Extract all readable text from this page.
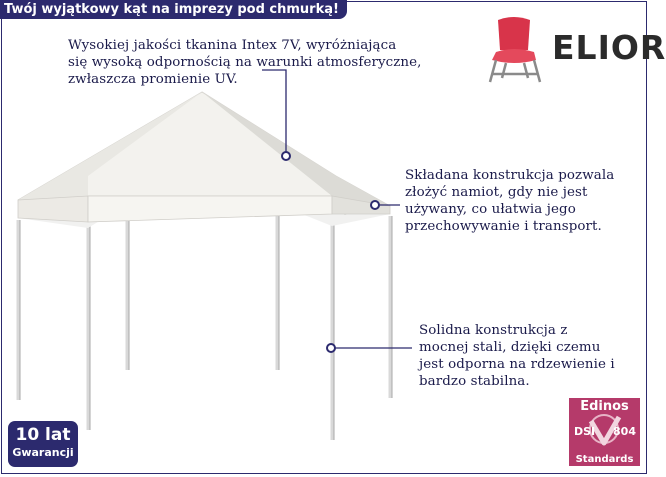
Twój wyjątkowy kąt na imprezy pod chmurką!
Wysokiej jakości tkanina Intex 7V, wyróżniająca
się wysoką odpornością na warunki atmosferyczne,
zwłaszcza promienie UV.
Składana konstrukcja pozwala
złożyć namiot, gdy nie jest
używany, co ułatwia jego
przechowywanie i transport.
Solidna konstrukcja z
mocnej stali, dzięki czemu
jest odporna na rdzewienie i
bardzo stabilna.
ELIOR
10 lat
Gwarancji
Edinos
DSI 804
Standards
